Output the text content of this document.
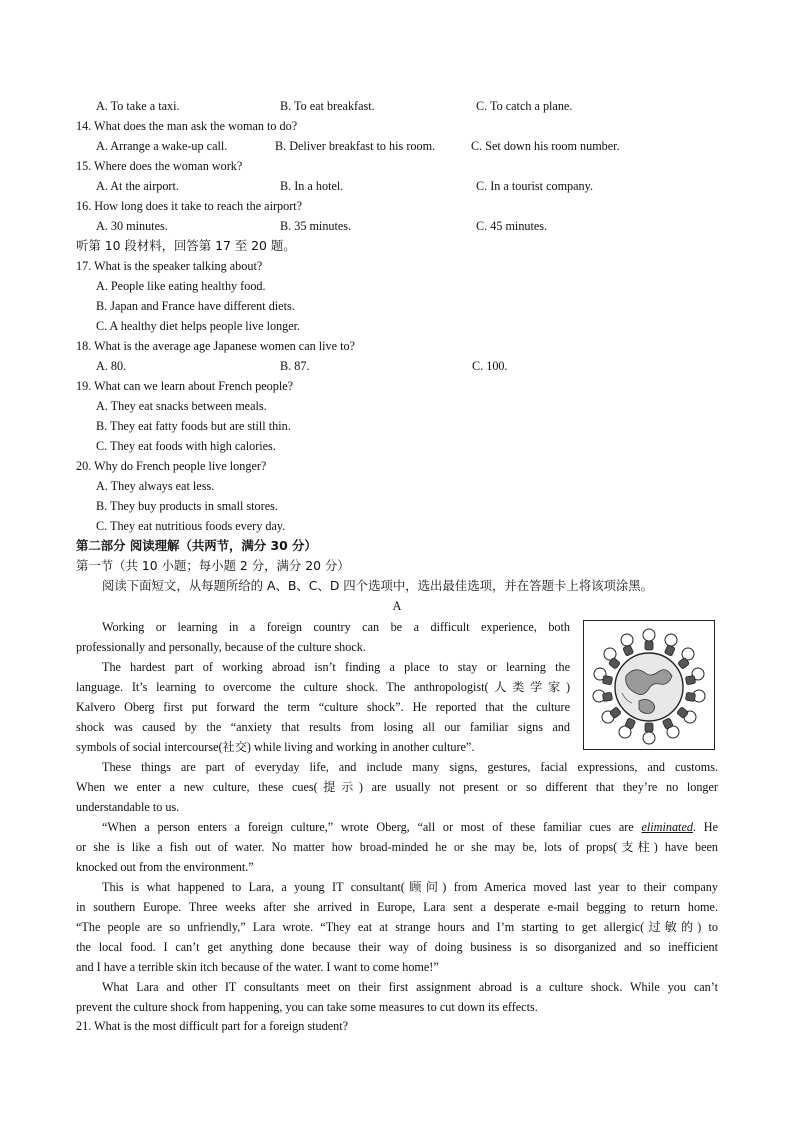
A. To take a taxi.	B. To eat breakfast.	C. To catch a plane.
14. What does the man ask the woman to do?
A. Arrange a wake-up call.	B. Deliver breakfast to his room.	C. Set down his room number.
15. Where does the woman work?
A. At the airport.	B. In a hotel.	C. In a tourist company.
16. How long does it take to reach the airport?
A. 30 minutes.	B. 35 minutes.	C. 45 minutes.
听第 10 段材料，回答第 17 至 20 题。
17. What is the speaker talking about?
A. People like eating healthy food.
B. Japan and France have different diets.
C. A healthy diet helps people live longer.
18. What is the average age Japanese women can live to?
A. 80.	B. 87.	C. 100.
19. What can we learn about French people?
A. They eat snacks between meals.
B. They eat fatty foods but are still thin.
C. They eat foods with high calories.
20. Why do French people live longer?
A. They always eat less.
B. They buy products in small stores.
C. They eat nutritious foods every day.
第二部分 阅读理解（共两节，满分 30 分）
第一节（共 10 小题；每小题 2 分，满分 20 分）
阅读下面短文，从每题所给的 A、B、C、D 四个选项中，选出最佳选项，并在答题卡上将该项涂黑。
A
Working or learning in a foreign country can be a difficult experience, both
professionally and personally, because of the culture shock.
The hardest part of working abroad isn’t finding a place to stay or learning the
language. It’s learning to overcome the culture shock. The anthropologist(人类学家)
Kalvero Oberg first put forward the term “culture shock”. He reported that the culture
shock was caused by the “anxiety that results from losing all our familiar signs and
symbols of social intercourse(社交) while living and working in another culture”.
These things are part of everyday life, and include many signs, gestures, facial expressions, and customs.
When we enter a new culture, these cues(提示) are usually not present or so different that they’re no longer
understandable to us.
“When a person enters a foreign culture,” wrote Oberg, “all or most of these familiar cues are eliminated. He
or she is like a fish out of water. No matter how broad-minded he or she may be, lots of props(支柱) have been
knocked out from the environment.”
This is what happened to Lara, a young IT consultant(顾问) from America moved last year to their company
in southern Europe. Three weeks after she arrived in Europe, Lara sent a desperate e-mail begging to return home.
“The people are so unfriendly,” Lara wrote. “They eat at strange hours and I’m starting to get allergic(过敏的) to
the local food. I can’t get anything done because their way of doing business is so disorganized and so inefficient
and I have a terrible skin itch because of the water. I want to come home!”
What Lara and other IT consultants meet on their first assignment abroad is a culture shock. While you can’t
prevent the culture shock from happening, you can take some measures to cut down its effects.
21. What is the most difficult part for a foreign student?
